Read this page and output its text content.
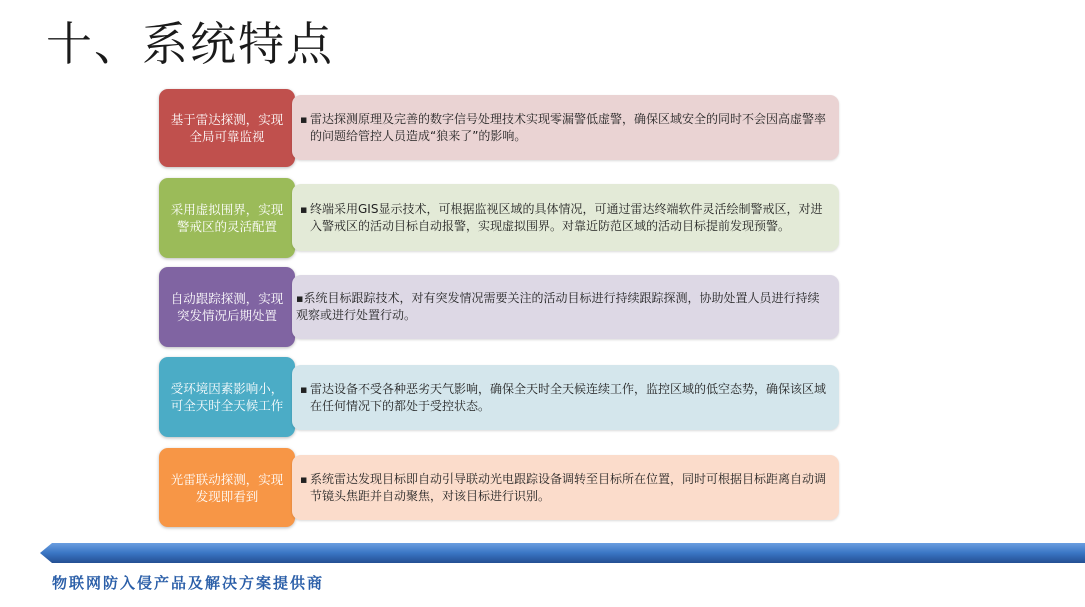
十、系统特点
基于雷达探测，实现全局可靠监视
▪ 雷达探测原理及完善的数字信号处理技术实现零漏警低虚警，确保区域安全的同时不会因高虚警率的问题给管控人员造成“狼来了”的影响。
采用虚拟围界，实现警戒区的灵活配置
▪ 终端采用GIS显示技术，可根据监视区域的具体情况，可通过雷达终端软件灵活绘制警戒区，对进入警戒区的活动目标自动报警，实现虚拟围界。对靠近防范区域的活动目标提前发现预警。
自动跟踪探测，实现突发情况后期处置
▪系统目标跟踪技术，对有突发情况需要关注的活动目标进行持续跟踪探测，协助处置人员进行持续观察或进行处置行动。
受环境因素影响小，可全天时全天候工作
▪ 雷达设备不受各种恶劣天气影响，确保全天时全天候连续工作，监控区域的低空态势，确保该区域在任何情况下的都处于受控状态。
光雷联动探测，实现发现即看到
▪ 系统雷达发现目标即自动引导联动光电跟踪设备调转至目标所在位置，同时可根据目标距离自动调节镜头焦距并自动聚焦，对该目标进行识别。
物联网防入侵产品及解决方案提供商
